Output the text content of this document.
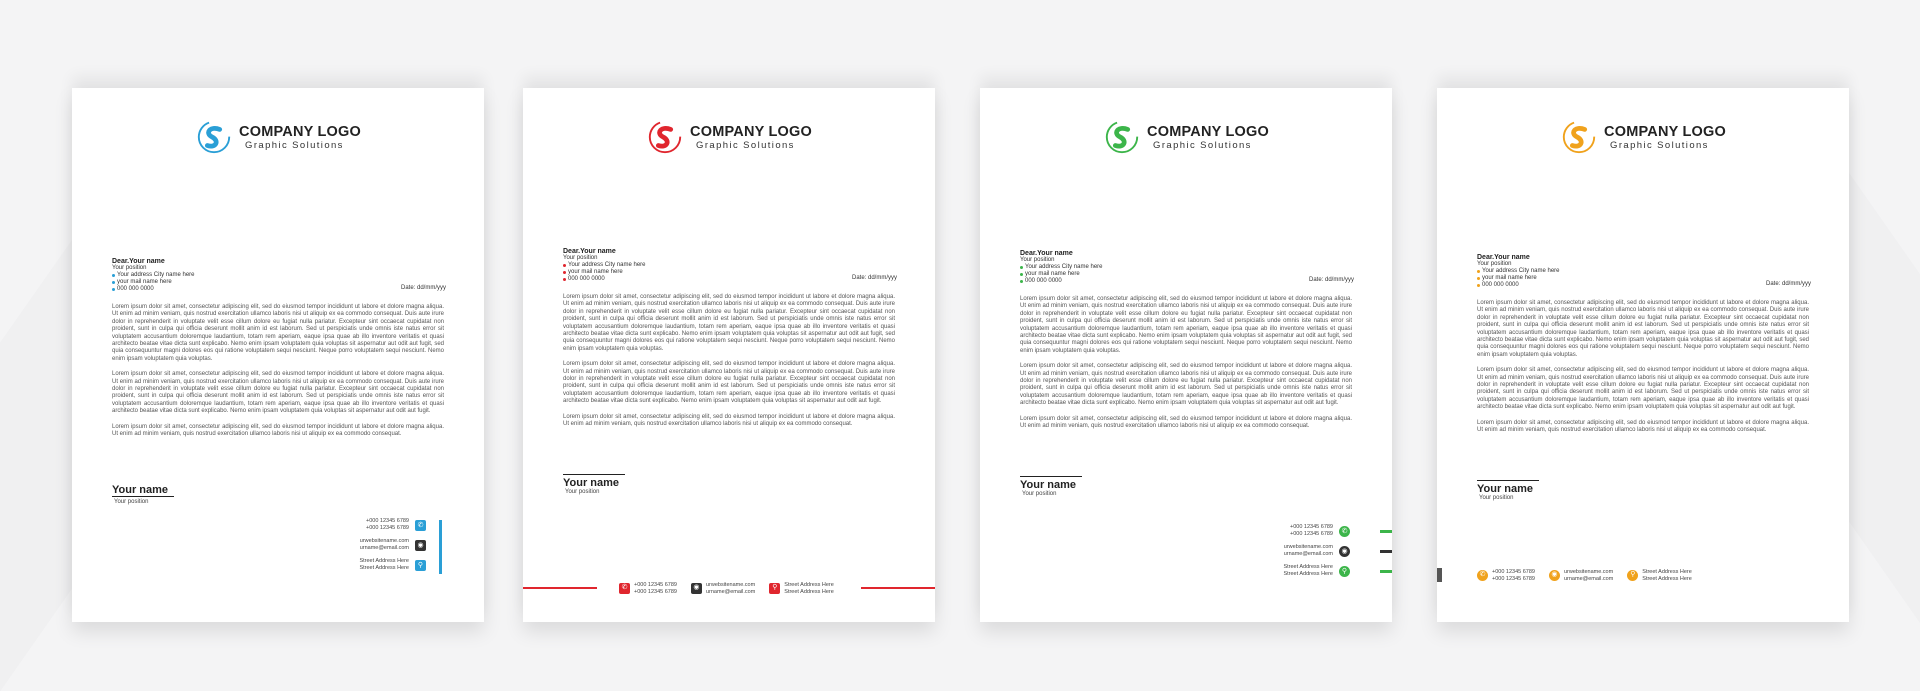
COMPANY LOGO
Graphic Solutions
Dear.Your name
Your position
Your address City name here
your mail name here
000 000 0000	Date: dd/mm/yyy

Lorem ipsum dolor sit amet, consectetur adipiscing elit, sed do eiusmod tempor incididunt ut labore et dolore magna aliqua. Ut enim ad minim veniam, quis nostrud exercitation ullamco laboris nisi ut aliquip ex ea commodo consequat. Duis aute irure dolor in reprehenderit in voluptate velit esse cillum dolore eu fugiat nulla pariatur. Excepteur sint occaecat cupidatat non proident, sunt in culpa qui officia deserunt mollit anim id est laborum. Sed ut perspiciatis unde omnis iste natus error sit voluptatem accusantium doloremque laudantium, totam rem aperiam, eaque ipsa quae ab illo inventore veritatis et quasi architecto beatae vitae dicta sunt explicabo. Nemo enim ipsam voluptatem quia voluptas sit aspernatur aut odit aut fugit, sed quia consequuntur magni dolores eos qui ratione voluptatem sequi nesciunt. Neque porro voluptatem sequi nesciunt. Nemo enim ipsam voluptatem quia voluptas.

Lorem ipsum dolor sit amet, consectetur adipiscing elit, sed do eiusmod tempor incididunt ut labore et dolore magna aliqua. Ut enim ad minim veniam, quis nostrud exercitation ullamco laboris nisi ut aliquip ex ea commodo consequat. Duis aute irure dolor in reprehenderit in voluptate velit esse cillum dolore eu fugiat nulla pariatur. Excepteur sint occaecat cupidatat non proident, sunt in culpa qui officia deserunt mollit anim id est laborum. Sed ut perspiciatis unde omnis iste natus error sit voluptatem accusantium doloremque laudantium, totam rem aperiam, eaque ipsa quae ab illo inventore veritatis et quasi architecto beatae vitae dicta sunt explicabo. Nemo enim ipsam voluptatem quia voluptas sit aspernatur aut odit aut fugit.

Lorem ipsum dolor sit amet, consectetur adipiscing elit, sed do eiusmod tempor incididunt ut labore et dolore magna aliqua. Ut enim ad minim veniam, quis nostrud exercitation ullamco laboris nisi ut aliquip ex ea commodo consequat.

Your name
Your position
+000 12345 6789
+000 12345 6789	✆
urwebsitename.com
urname@email.com	◉
Street Address Here
Street Address Here	⚲
COMPANY LOGO
Graphic Solutions
Dear.Your name
Your position
Your address City name here
your mail name here
000 000 0000	Date: dd/mm/yyy

Lorem ipsum dolor sit amet, consectetur adipiscing elit, sed do eiusmod tempor incididunt ut labore et dolore magna aliqua. Ut enim ad minim veniam, quis nostrud exercitation ullamco laboris nisi ut aliquip ex ea commodo consequat. Duis aute irure dolor in reprehenderit in voluptate velit esse cillum dolore eu fugiat nulla pariatur. Excepteur sint occaecat cupidatat non proident, sunt in culpa qui officia deserunt mollit anim id est laborum. Sed ut perspiciatis unde omnis iste natus error sit voluptatem accusantium doloremque laudantium, totam rem aperiam, eaque ipsa quae ab illo inventore veritatis et quasi architecto beatae vitae dicta sunt explicabo. Nemo enim ipsam voluptatem quia voluptas sit aspernatur aut odit aut fugit, sed quia consequuntur magni dolores eos qui ratione voluptatem sequi nesciunt. Neque porro voluptatem sequi nesciunt. Nemo enim ipsam voluptatem quia voluptas.

Lorem ipsum dolor sit amet, consectetur adipiscing elit, sed do eiusmod tempor incididunt ut labore et dolore magna aliqua. Ut enim ad minim veniam, quis nostrud exercitation ullamco laboris nisi ut aliquip ex ea commodo consequat. Duis aute irure dolor in reprehenderit in voluptate velit esse cillum dolore eu fugiat nulla pariatur. Excepteur sint occaecat cupidatat non proident, sunt in culpa qui officia deserunt mollit anim id est laborum. Sed ut perspiciatis unde omnis iste natus error sit voluptatem accusantium doloremque laudantium, totam rem aperiam, eaque ipsa quae ab illo inventore veritatis et quasi architecto beatae vitae dicta sunt explicabo. Nemo enim ipsam voluptatem quia voluptas sit aspernatur aut odit aut fugit.

Lorem ipsum dolor sit amet, consectetur adipiscing elit, sed do eiusmod tempor incididunt ut labore et dolore magna aliqua. Ut enim ad minim veniam, quis nostrud exercitation ullamco laboris nisi ut aliquip ex ea commodo consequat.

Your name
Your position
✆	+000 12345 6789
+000 12345 6789
◉	urwebsitename.com
urname@email.com
⚲	Street Address Here
Street Address Here
COMPANY LOGO
Graphic Solutions
Dear.Your name
Your position
Your address City name here
your mail name here
000 000 0000	Date: dd/mm/yyy

Lorem ipsum dolor sit amet, consectetur adipiscing elit, sed do eiusmod tempor incididunt ut labore et dolore magna aliqua. Ut enim ad minim veniam, quis nostrud exercitation ullamco laboris nisi ut aliquip ex ea commodo consequat. Duis aute irure dolor in reprehenderit in voluptate velit esse cillum dolore eu fugiat nulla pariatur. Excepteur sint occaecat cupidatat non proident, sunt in culpa qui officia deserunt mollit anim id est laborum. Sed ut perspiciatis unde omnis iste natus error sit voluptatem accusantium doloremque laudantium, totam rem aperiam, eaque ipsa quae ab illo inventore veritatis et quasi architecto beatae vitae dicta sunt explicabo. Nemo enim ipsam voluptatem quia voluptas sit aspernatur aut odit aut fugit, sed quia consequuntur magni dolores eos qui ratione voluptatem sequi nesciunt. Neque porro voluptatem sequi nesciunt. Nemo enim ipsam voluptatem quia voluptas.

Lorem ipsum dolor sit amet, consectetur adipiscing elit, sed do eiusmod tempor incididunt ut labore et dolore magna aliqua. Ut enim ad minim veniam, quis nostrud exercitation ullamco laboris nisi ut aliquip ex ea commodo consequat. Duis aute irure dolor in reprehenderit in voluptate velit esse cillum dolore eu fugiat nulla pariatur. Excepteur sint occaecat cupidatat non proident, sunt in culpa qui officia deserunt mollit anim id est laborum. Sed ut perspiciatis unde omnis iste natus error sit voluptatem accusantium doloremque laudantium, totam rem aperiam, eaque ipsa quae ab illo inventore veritatis et quasi architecto beatae vitae dicta sunt explicabo. Nemo enim ipsam voluptatem quia voluptas sit aspernatur aut odit aut fugit.

Lorem ipsum dolor sit amet, consectetur adipiscing elit, sed do eiusmod tempor incididunt ut labore et dolore magna aliqua. Ut enim ad minim veniam, quis nostrud exercitation ullamco laboris nisi ut aliquip ex ea commodo consequat.

Your name
Your position
+000 12345 6789
+000 12345 6789	✆
urwebsitename.com
urname@email.com	◉
Street Address Here
Street Address Here	⚲
COMPANY LOGO
Graphic Solutions
Dear.Your name
Your position
Your address City name here
your mail name here
000 000 0000	Date: dd/mm/yyy

Lorem ipsum dolor sit amet, consectetur adipiscing elit, sed do eiusmod tempor incididunt ut labore et dolore magna aliqua. Ut enim ad minim veniam, quis nostrud exercitation ullamco laboris nisi ut aliquip ex ea commodo consequat. Duis aute irure dolor in reprehenderit in voluptate velit esse cillum dolore eu fugiat nulla pariatur. Excepteur sint occaecat cupidatat non proident, sunt in culpa qui officia deserunt mollit anim id est laborum. Sed ut perspiciatis unde omnis iste natus error sit voluptatem accusantium doloremque laudantium, totam rem aperiam, eaque ipsa quae ab illo inventore veritatis et quasi architecto beatae vitae dicta sunt explicabo. Nemo enim ipsam voluptatem quia voluptas sit aspernatur aut odit aut fugit, sed quia consequuntur magni dolores eos qui ratione voluptatem sequi nesciunt. Neque porro voluptatem sequi nesciunt. Nemo enim ipsam voluptatem quia voluptas.

Lorem ipsum dolor sit amet, consectetur adipiscing elit, sed do eiusmod tempor incididunt ut labore et dolore magna aliqua. Ut enim ad minim veniam, quis nostrud exercitation ullamco laboris nisi ut aliquip ex ea commodo consequat. Duis aute irure dolor in reprehenderit in voluptate velit esse cillum dolore eu fugiat nulla pariatur. Excepteur sint occaecat cupidatat non proident, sunt in culpa qui officia deserunt mollit anim id est laborum. Sed ut perspiciatis unde omnis iste natus error sit voluptatem accusantium doloremque laudantium, totam rem aperiam, eaque ipsa quae ab illo inventore veritatis et quasi architecto beatae vitae dicta sunt explicabo. Nemo enim ipsam voluptatem quia voluptas sit aspernatur aut odit aut fugit.

Lorem ipsum dolor sit amet, consectetur adipiscing elit, sed do eiusmod tempor incididunt ut labore et dolore magna aliqua. Ut enim ad minim veniam, quis nostrud exercitation ullamco laboris nisi ut aliquip ex ea commodo consequat.

Your name
Your position
✆	+000 12345 6789
+000 12345 6789
◉	urwebsitename.com
urname@email.com
⚲	Street Address Here
Street Address Here
